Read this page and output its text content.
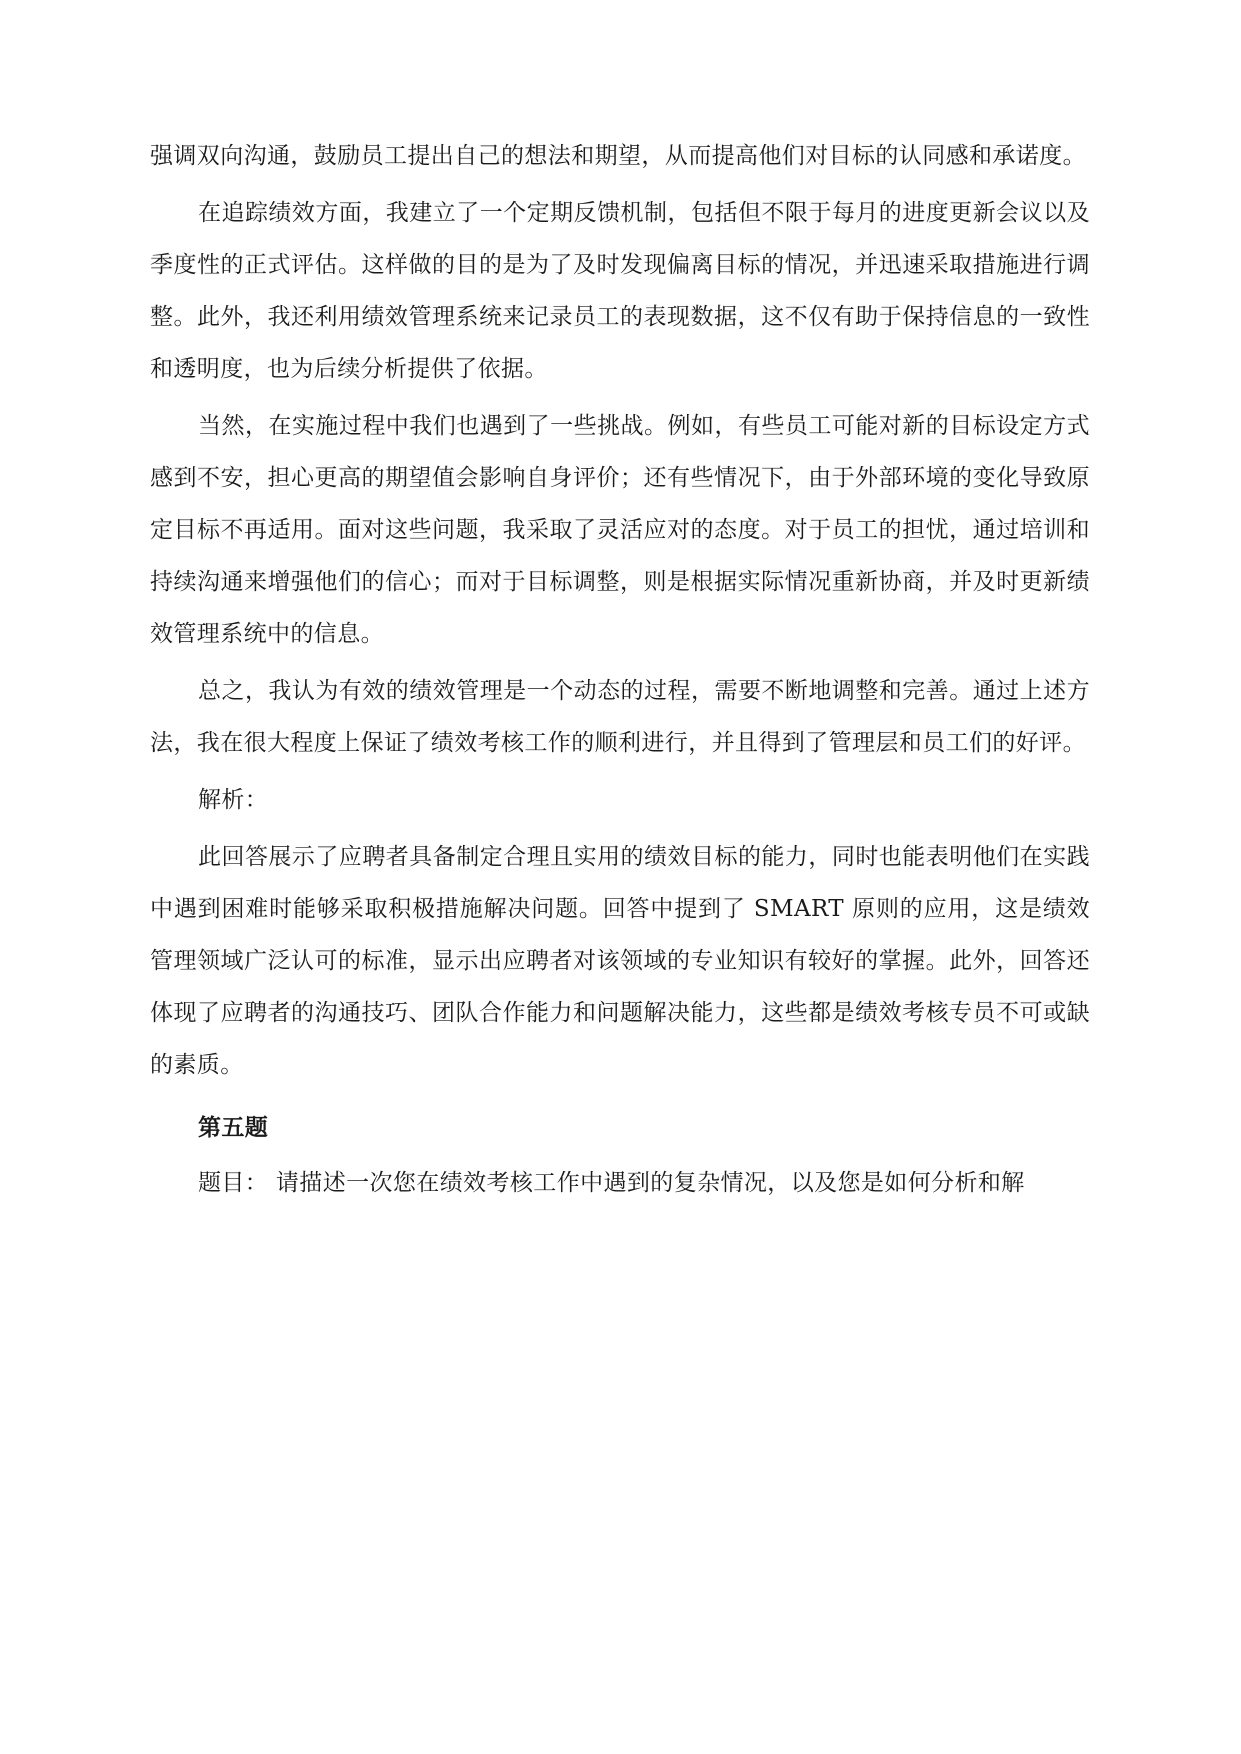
强调双向沟通，鼓励员工提出自己的想法和期望，从而提高他们对目标的认同感和承诺度。

在追踪绩效方面，我建立了一个定期反馈机制，包括但不限于每月的进度更新会议以及季度性的正式评估。这样做的目的是为了及时发现偏离目标的情况，并迅速采取措施进行调整。此外，我还利用绩效管理系统来记录员工的表现数据，这不仅有助于保持信息的一致性和透明度，也为后续分析提供了依据。

当然，在实施过程中我们也遇到了一些挑战。例如，有些员工可能对新的目标设定方式感到不安，担心更高的期望值会影响自身评价；还有些情况下，由于外部环境的变化导致原定目标不再适用。面对这些问题，我采取了灵活应对的态度。对于员工的担忧，通过培训和持续沟通来增强他们的信心；而对于目标调整，则是根据实际情况重新协商，并及时更新绩效管理系统中的信息。

总之，我认为有效的绩效管理是一个动态的过程，需要不断地调整和完善。通过上述方法，我在很大程度上保证了绩效考核工作的顺利进行，并且得到了管理层和员工们的好评。

解析：

此回答展示了应聘者具备制定合理且实用的绩效目标的能力，同时也能表明他们在实践中遇到困难时能够采取积极措施解决问题。回答中提到了 SMART 原则的应用，这是绩效管理领域广泛认可的标准，显示出应聘者对该领域的专业知识有较好的掌握。此外，回答还体现了应聘者的沟通技巧、团队合作能力和问题解决能力，这些都是绩效考核专员不可或缺的素质。

第五题

题目： 请描述一次您在绩效考核工作中遇到的复杂情况，以及您是如何分析和解
